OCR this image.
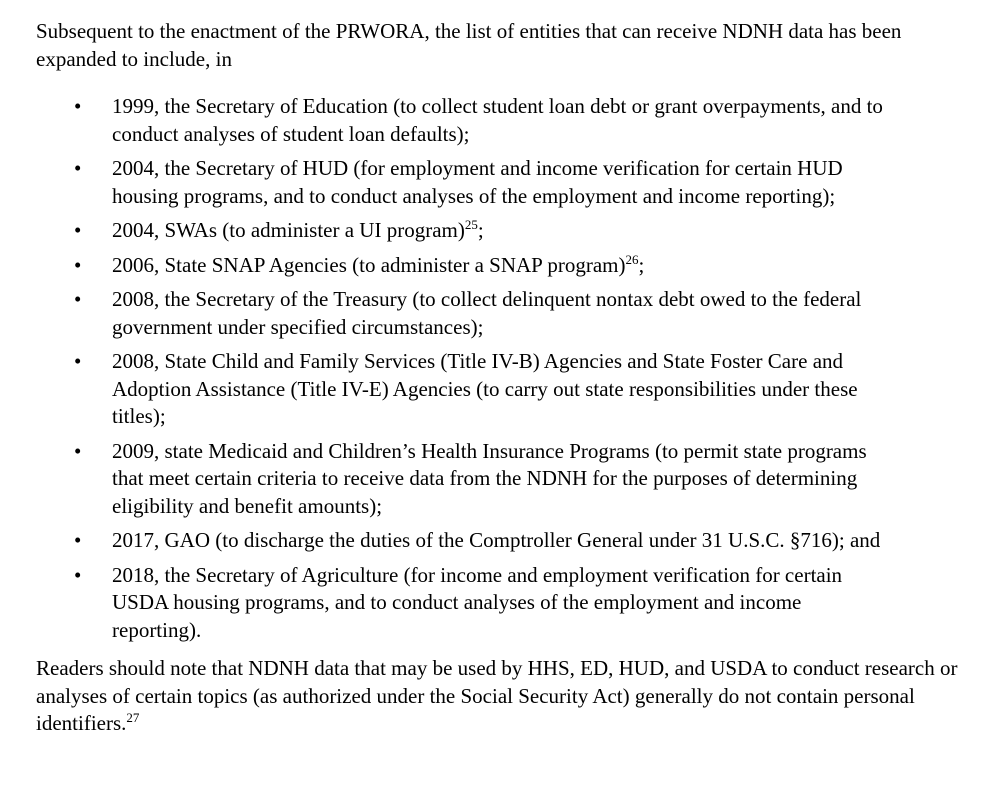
Subsequent to the enactment of the PRWORA, the list of entities that can receive NDNH data has been expanded to include, in

• 1999, the Secretary of Education (to collect student loan debt or grant overpayments, and to conduct analyses of student loan defaults);
• 2004, the Secretary of HUD (for employment and income verification for certain HUD housing programs, and to conduct analyses of the employment and income reporting);
• 2004, SWAs (to administer a UI program)$^{25}$;
• 2006, State SNAP Agencies (to administer a SNAP program)$^{26}$;
• 2008, the Secretary of the Treasury (to collect delinquent nontax debt owed to the federal government under specified circumstances);
• 2008, State Child and Family Services (Title IV-B) Agencies and State Foster Care and Adoption Assistance (Title IV-E) Agencies (to carry out state responsibilities under these titles);
• 2009, state Medicaid and Children’s Health Insurance Programs (to permit state programs that meet certain criteria to receive data from the NDNH for the purposes of determining eligibility and benefit amounts);
• 2017, GAO (to discharge the duties of the Comptroller General under 31 U.S.C. §716); and
• 2018, the Secretary of Agriculture (for income and employment verification for certain USDA housing programs, and to conduct analyses of the employment and income reporting).

Readers should note that NDNH data that may be used by HHS, ED, HUD, and USDA to conduct research or analyses of certain topics (as authorized under the Social Security Act) generally do not contain personal identifiers.$^{27}$
